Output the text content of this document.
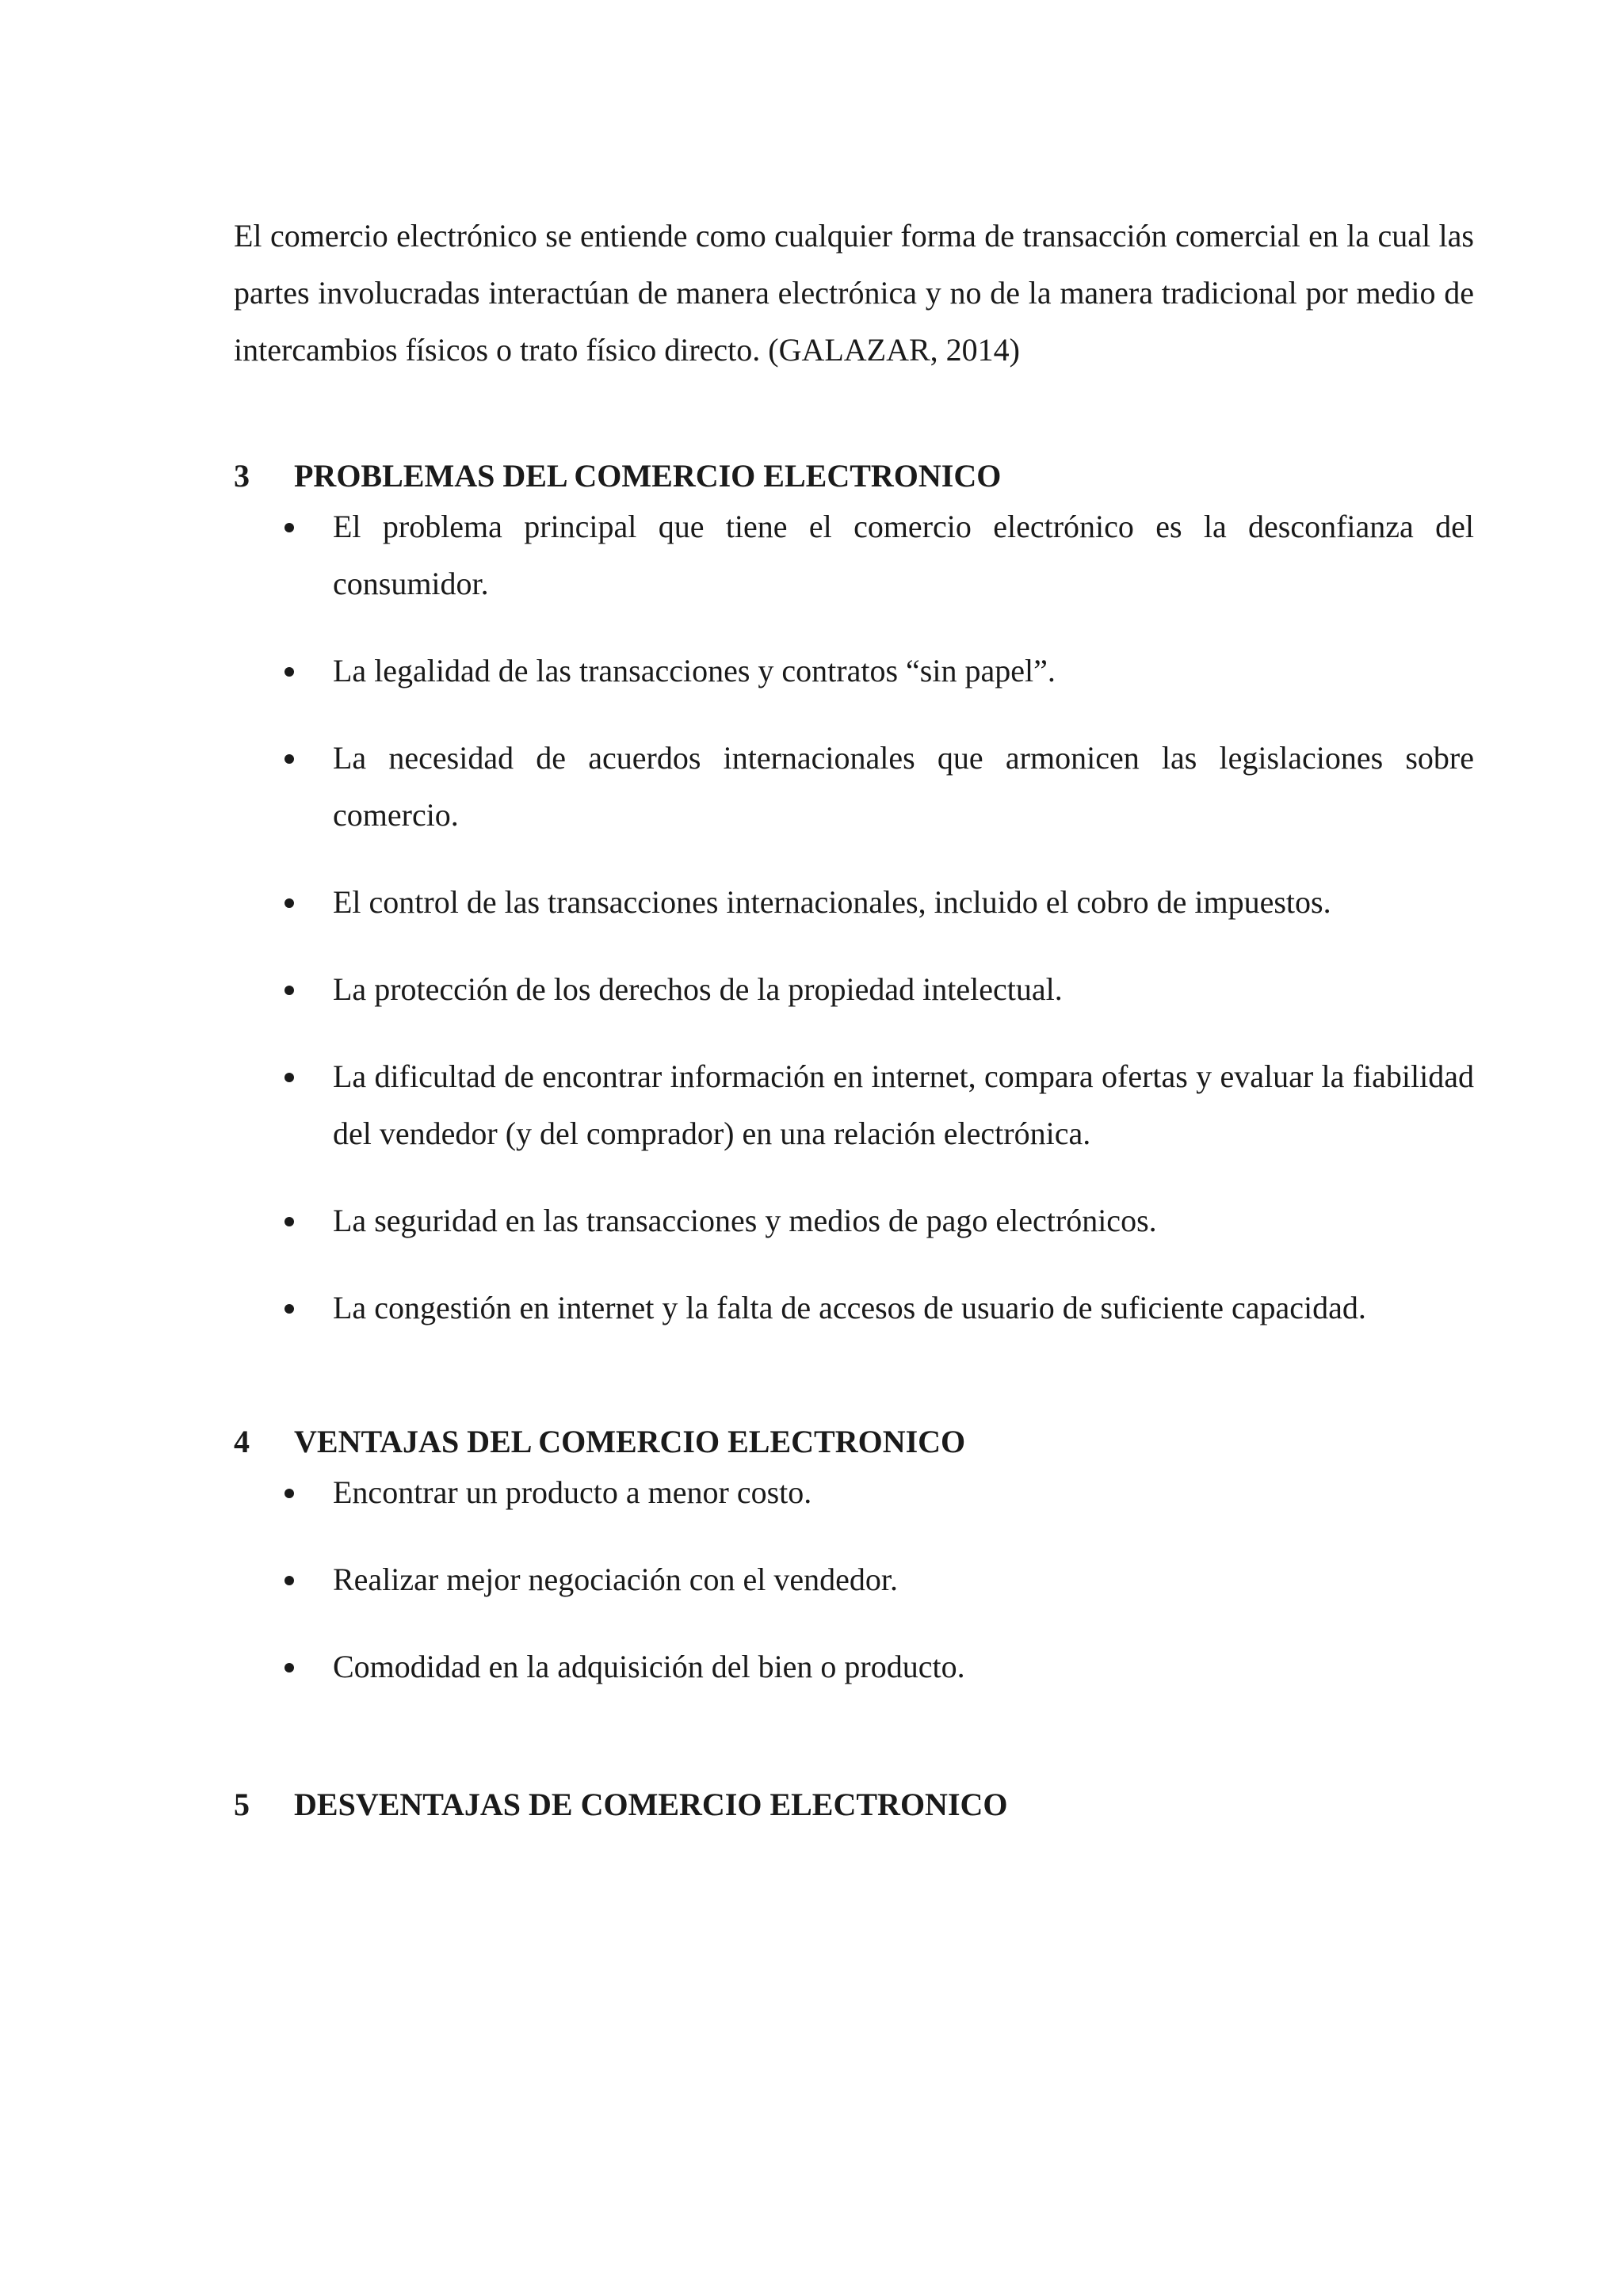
El comercio electrónico se entiende como cualquier forma de transacción comercial en la cual las partes involucradas interactúan de manera electrónica y no de la manera tradicional por medio de intercambios físicos o trato físico directo. (GALAZAR, 2014)

3	PROBLEMAS DEL COMERCIO ELECTRONICO
El problema principal que tiene el comercio electrónico es la desconfianza del consumidor.
La legalidad de las transacciones y contratos “sin papel”.
La necesidad de acuerdos internacionales que armonicen las legislaciones sobre comercio.
El control de las transacciones internacionales, incluido el cobro de impuestos.
La protección de los derechos de la propiedad intelectual.
La dificultad de encontrar información en internet, compara ofertas y evaluar la fiabilidad del vendedor (y del comprador) en una relación electrónica.
La seguridad en las transacciones y medios de pago electrónicos.
La congestión en internet y la falta de accesos de usuario de suficiente capacidad.
4	VENTAJAS DEL COMERCIO ELECTRONICO
Encontrar un producto a menor costo.
Realizar mejor negociación con el vendedor.
Comodidad en la adquisición del bien o producto.
5	DESVENTAJAS DE COMERCIO ELECTRONICO
